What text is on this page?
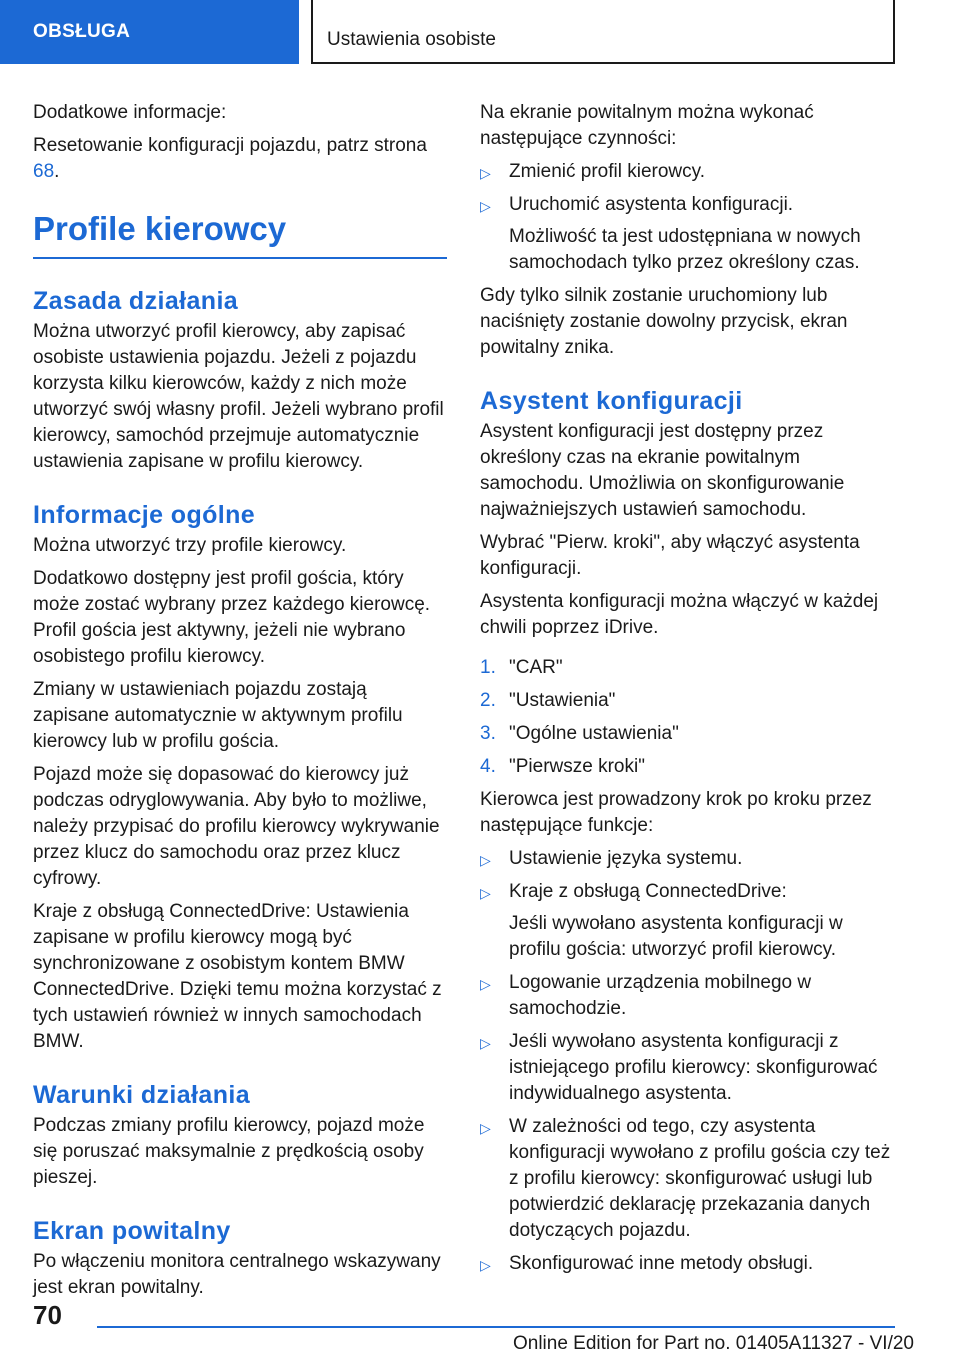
OBSŁUGA	Ustawienia osobiste

Dodatkowe informacje:

Resetowanie konfiguracji pojazdu, patrz strona 68.

Profile kierowcy
Zasada działania

Można utworzyć profil kierowcy, aby zapisać osobiste ustawienia pojazdu. Jeżeli z pojazdu korzysta kilku kierowców, każdy z nich może utworzyć swój własny profil. Jeżeli wybrano profil kierowcy, samochód przejmuje automatycznie ustawienia zapisane w profilu kierowcy.

Informacje ogólne

Można utworzyć trzy profile kierowcy.

Dodatkowo dostępny jest profil gościa, który może zostać wybrany przez każdego kierowcę. Profil gościa jest aktywny, jeżeli nie wybrano osobistego profilu kierowcy.

Zmiany w ustawieniach pojazdu zostają zapisane automatycznie w aktywnym profilu kierowcy lub w profilu gościa.

Pojazd może się dopasować do kierowcy już podczas odryglowywania. Aby było to możliwe, należy przypisać do profilu kierowcy wykrywanie przez klucz do samochodu oraz przez klucz cyfrowy.

Kraje z obsługą ConnectedDrive: Ustawienia zapisane w profilu kierowcy mogą być synchronizowane z osobistym kontem BMW ConnectedDrive. Dzięki temu można korzystać z tych ustawień również w innych samochodach BMW.

Warunki działania

Podczas zmiany profilu kierowcy, pojazd może się poruszać maksymalnie z prędkością osoby pieszej.

Ekran powitalny

Po włączeniu monitora centralnego wskazywany jest ekran powitalny.

Na ekranie powitalnym można wykonać następujące czynności:

▷ Zmienić profil kierowcy.
▷ Uruchomić asystenta konfiguracji.
Możliwość ta jest udostępniana w nowych samochodach tylko przez określony czas.

Gdy tylko silnik zostanie uruchomiony lub naciśnięty zostanie dowolny przycisk, ekran powitalny znika.

Asystent konfiguracji

Asystent konfiguracji jest dostępny przez określony czas na ekranie powitalnym samochodu. Umożliwia on skonfigurowanie najważniejszych ustawień samochodu.

Wybrać "Pierw. kroki", aby włączyć asystenta konfiguracji.

Asystenta konfiguracji można włączyć w każdej chwili poprzez iDrive.

1. "CAR"
2. "Ustawienia"
3. "Ogólne ustawienia"
4. "Pierwsze kroki"

Kierowca jest prowadzony krok po kroku przez następujące funkcje:

▷ Ustawienie języka systemu.
▷ Kraje z obsługą ConnectedDrive:
Jeśli wywołano asystenta konfiguracji w profilu gościa: utworzyć profil kierowcy.
▷ Logowanie urządzenia mobilnego w samochodzie.
▷ Jeśli wywołano asystenta konfiguracji z istniejącego profilu kierowcy: skonfigurować indywidualnego asystenta.
▷ W zależności od tego, czy asystenta konfiguracji wywołano z profilu gościa czy też z profilu kierowcy: skonfigurować usługi lub potwierdzić deklarację przekazania danych dotyczących pojazdu.
▷ Skonfigurować inne metody obsługi.
70
Online Edition for Part no. 01405A11327 - VI/20
